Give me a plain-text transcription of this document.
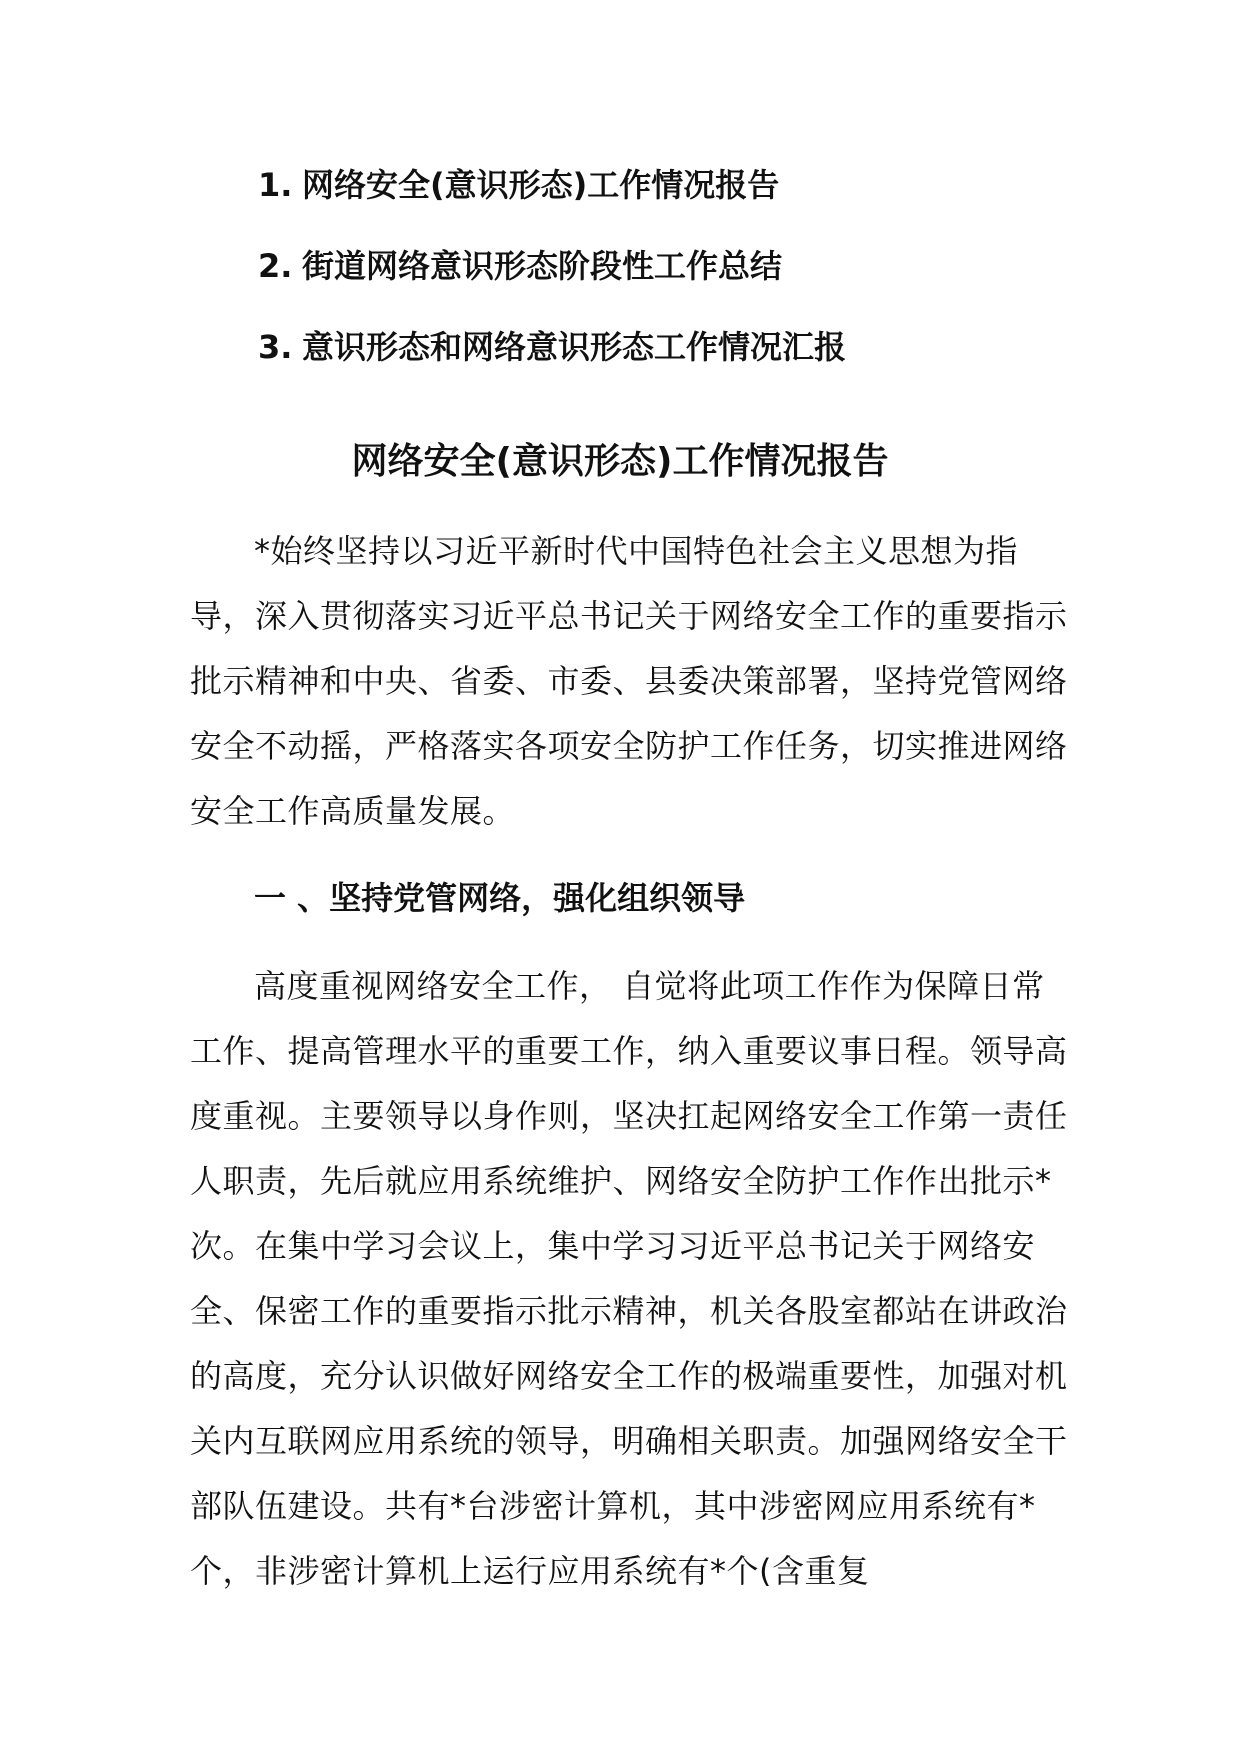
1. 网络安全(意识形态)工作情况报告
2. 街道网络意识形态阶段性工作总结
3. 意识形态和网络意识形态工作情况汇报
网络安全(意识形态)工作情况报告

*始终坚持以习近平新时代中国特色社会主义思想为指导，深入贯彻落实习近平总书记关于网络安全工作的重要指示批示精神和中央、省委、市委、县委决策部署，坚持党管网络安全不动摇，严格落实各项安全防护工作任务，切实推进网络安全工作高质量发展。

一 、坚持党管网络，强化组织领导

高度重视网络安全工作， 自觉将此项工作作为保障日常工作、提高管理水平的重要工作，纳入重要议事日程。领导高度重视。主要领导以身作则，坚决扛起网络安全工作第一责任人职责，先后就应用系统维护、网络安全防护工作作出批示*次。在集中学习会议上，集中学习习近平总书记关于网络安全、保密工作的重要指示批示精神，机关各股室都站在讲政治的高度，充分认识做好网络安全工作的极端重要性，加强对机关内互联网应用系统的领导，明确相关职责。加强网络安全干部队伍建设。共有*台涉密计算机，其中涉密网应用系统有*个，非涉密计算机上运行应用系统有*个(含重复
